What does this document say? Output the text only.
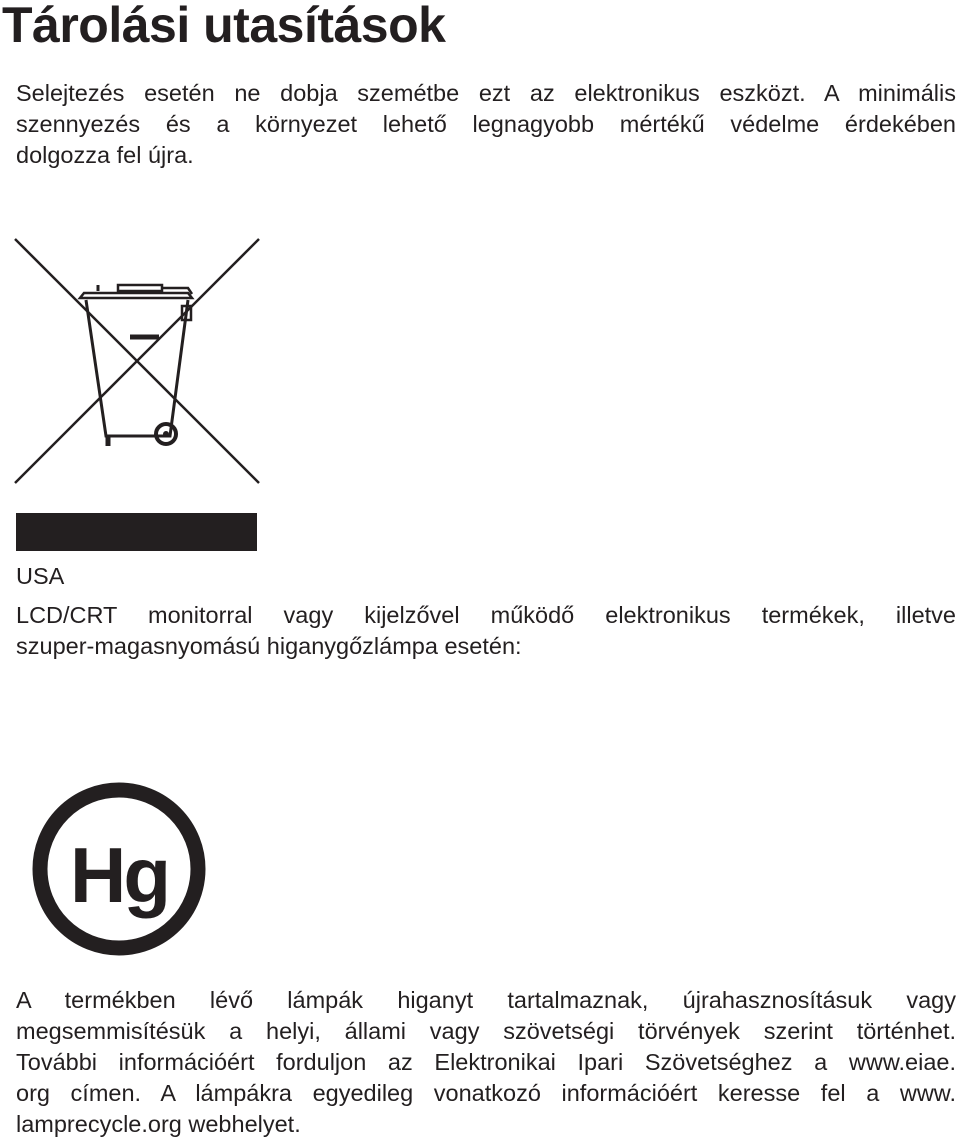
Tárolási utasítások

Selejtezés esetén ne dobja szemétbe ezt az elektronikus eszközt. A minimális
szennyezés és a környezet lehető legnagyobb mértékű védelme érdekében
dolgozza fel újra.

USA

LCD/CRT monitorral vagy kijelzővel működő elektronikus termékek, illetve
szuper-magasnyomású higanygőzlámpa esetén:

Hg

A termékben lévő lámpák higanyt tartalmaznak, újrahasznosításuk vagy
megsemmisítésük a helyi, állami vagy szövetségi törvények szerint történhet.
További információért forduljon az Elektronikai Ipari Szövetséghez a www.eiae.
org címen. A lámpákra egyedileg vonatkozó információért keresse fel a www.
lamprecycle.org webhelyet.
